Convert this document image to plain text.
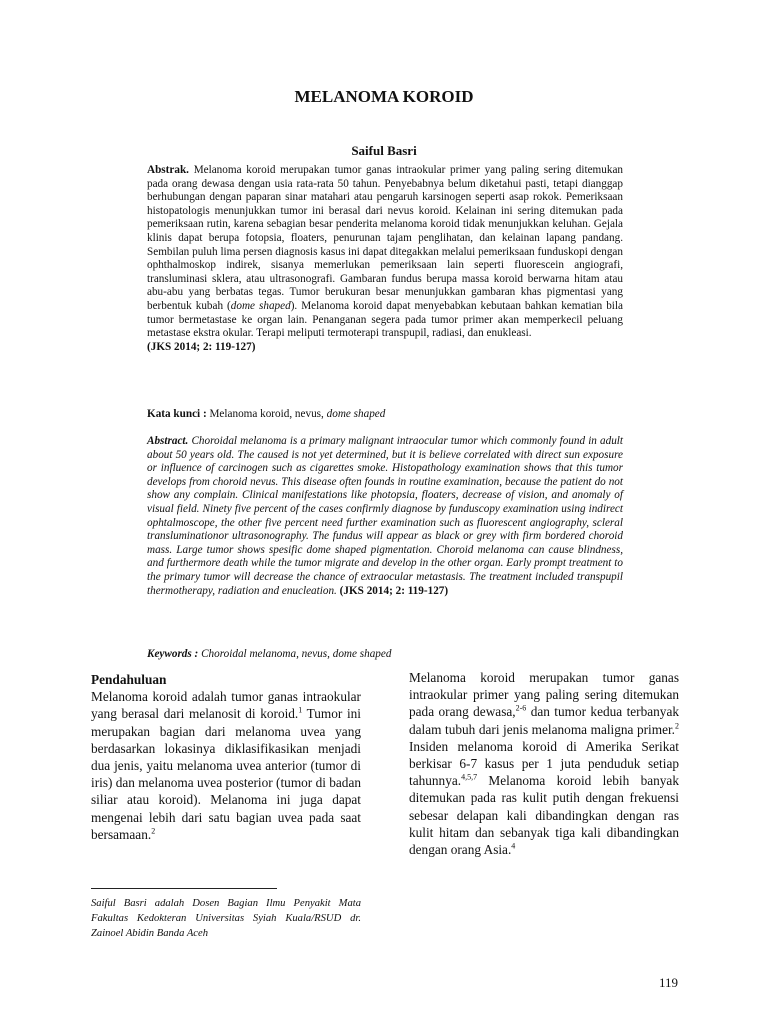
MELANOMA KOROID
Saiful Basri
Abstrak. Melanoma koroid merupakan tumor ganas intraokular primer yang paling sering ditemukan pada orang dewasa dengan usia rata-rata 50 tahun. Penyebabnya belum diketahui pasti, tetapi dianggap berhubungan dengan paparan sinar matahari atau pengaruh karsinogen seperti asap rokok. Pemeriksaan histopatologis menunjukkan tumor ini berasal dari nevus koroid. Kelainan ini sering ditemukan pada pemeriksaan rutin, karena sebagian besar penderita melanoma koroid tidak menunjukkan keluhan. Gejala klinis dapat berupa fotopsia, floaters, penurunan tajam penglihatan, dan kelainan lapang pandang. Sembilan puluh lima persen diagnosis kasus ini dapat ditegakkan melalui pemeriksaan funduskopi dengan ophthalmoskop indirek, sisanya memerlukan pemeriksaan lain seperti fluorescein angiografi, transluminasi sklera, atau ultrasonografi. Gambaran fundus berupa massa koroid berwarna hitam atau abu-abu yang berbatas tegas. Tumor berukuran besar menunjukkan gambaran khas pigmentasi yang berbentuk kubah (dome shaped). Melanoma koroid dapat menyebabkan kebutaan bahkan kematian bila tumor bermetastase ke organ lain. Penanganan segera pada tumor primer akan memperkecil peluang metastase ekstra okular. Terapi meliputi termoterapi transpupil, radiasi, dan enukleasi.
(JKS 2014; 2: 119-127)
Kata kunci : Melanoma koroid, nevus, dome shaped
Abstract. Choroidal melanoma is a primary malignant intraocular tumor which commonly found in adult about 50 years old. The caused is not yet determined, but it is believe correlated with direct sun exposure or influence of carcinogen such as cigarettes smoke. Histopathology examination shows that this tumor develops from choroid nevus. This disease often founds in routine examination, because the patient do not show any complain. Clinical manifestations like photopsia, floaters, decrease of vision, and anomaly of visual field. Ninety five percent of the cases confirmly diagnose by funduscopy examination using indirect ophtalmoscope, the other five percent need further examination such as fluorescent angiography, scleral transluminationor ultrasonography. The fundus will appear as black or grey with firm bordered choroid mass. Large tumor shows spesific dome shaped pigmentation. Choroid melanoma can cause blindness, and furthermore death while the tumor migrate and develop in the other organ. Early prompt treatment to the primary tumor will decrease the chance of extraocular metastasis. The treatment included transpupil thermotherapy, radiation and enucleation. (JKS 2014; 2: 119-127)
Keywords : Choroidal melanoma, nevus, dome shaped
Pendahuluan
Melanoma koroid adalah tumor ganas intraokular yang berasal dari melanosit di koroid.$^1$ Tumor ini merupakan bagian dari melanoma uvea yang berdasarkan lokasinya diklasifikasikan menjadi dua jenis, yaitu melanoma uvea anterior (tumor di iris) dan melanoma uvea posterior (tumor di badan siliar atau koroid). Melanoma ini juga dapat mengenai lebih dari satu bagian uvea pada saat bersamaan.$^2$
Saiful Basri adalah Dosen Bagian Ilmu Penyakit Mata Fakultas Kedokteran Universitas Syiah Kuala/RSUD dr. Zainoel Abidin Banda Aceh
Melanoma koroid merupakan tumor ganas intraokular primer yang paling sering ditemukan pada orang dewasa,$^{2-6}$ dan tumor kedua terbanyak dalam tubuh dari jenis melanoma maligna primer.$^2$ Insiden melanoma koroid di Amerika Serikat berkisar 6-7 kasus per 1 juta penduduk setiap tahunnya.$^{4,5,7}$ Melanoma koroid lebih banyak ditemukan pada ras kulit putih dengan frekuensi sebesar delapan kali dibandingkan dengan ras kulit hitam dan sebanyak tiga kali dibandingkan dengan orang Asia.$^4$
119
